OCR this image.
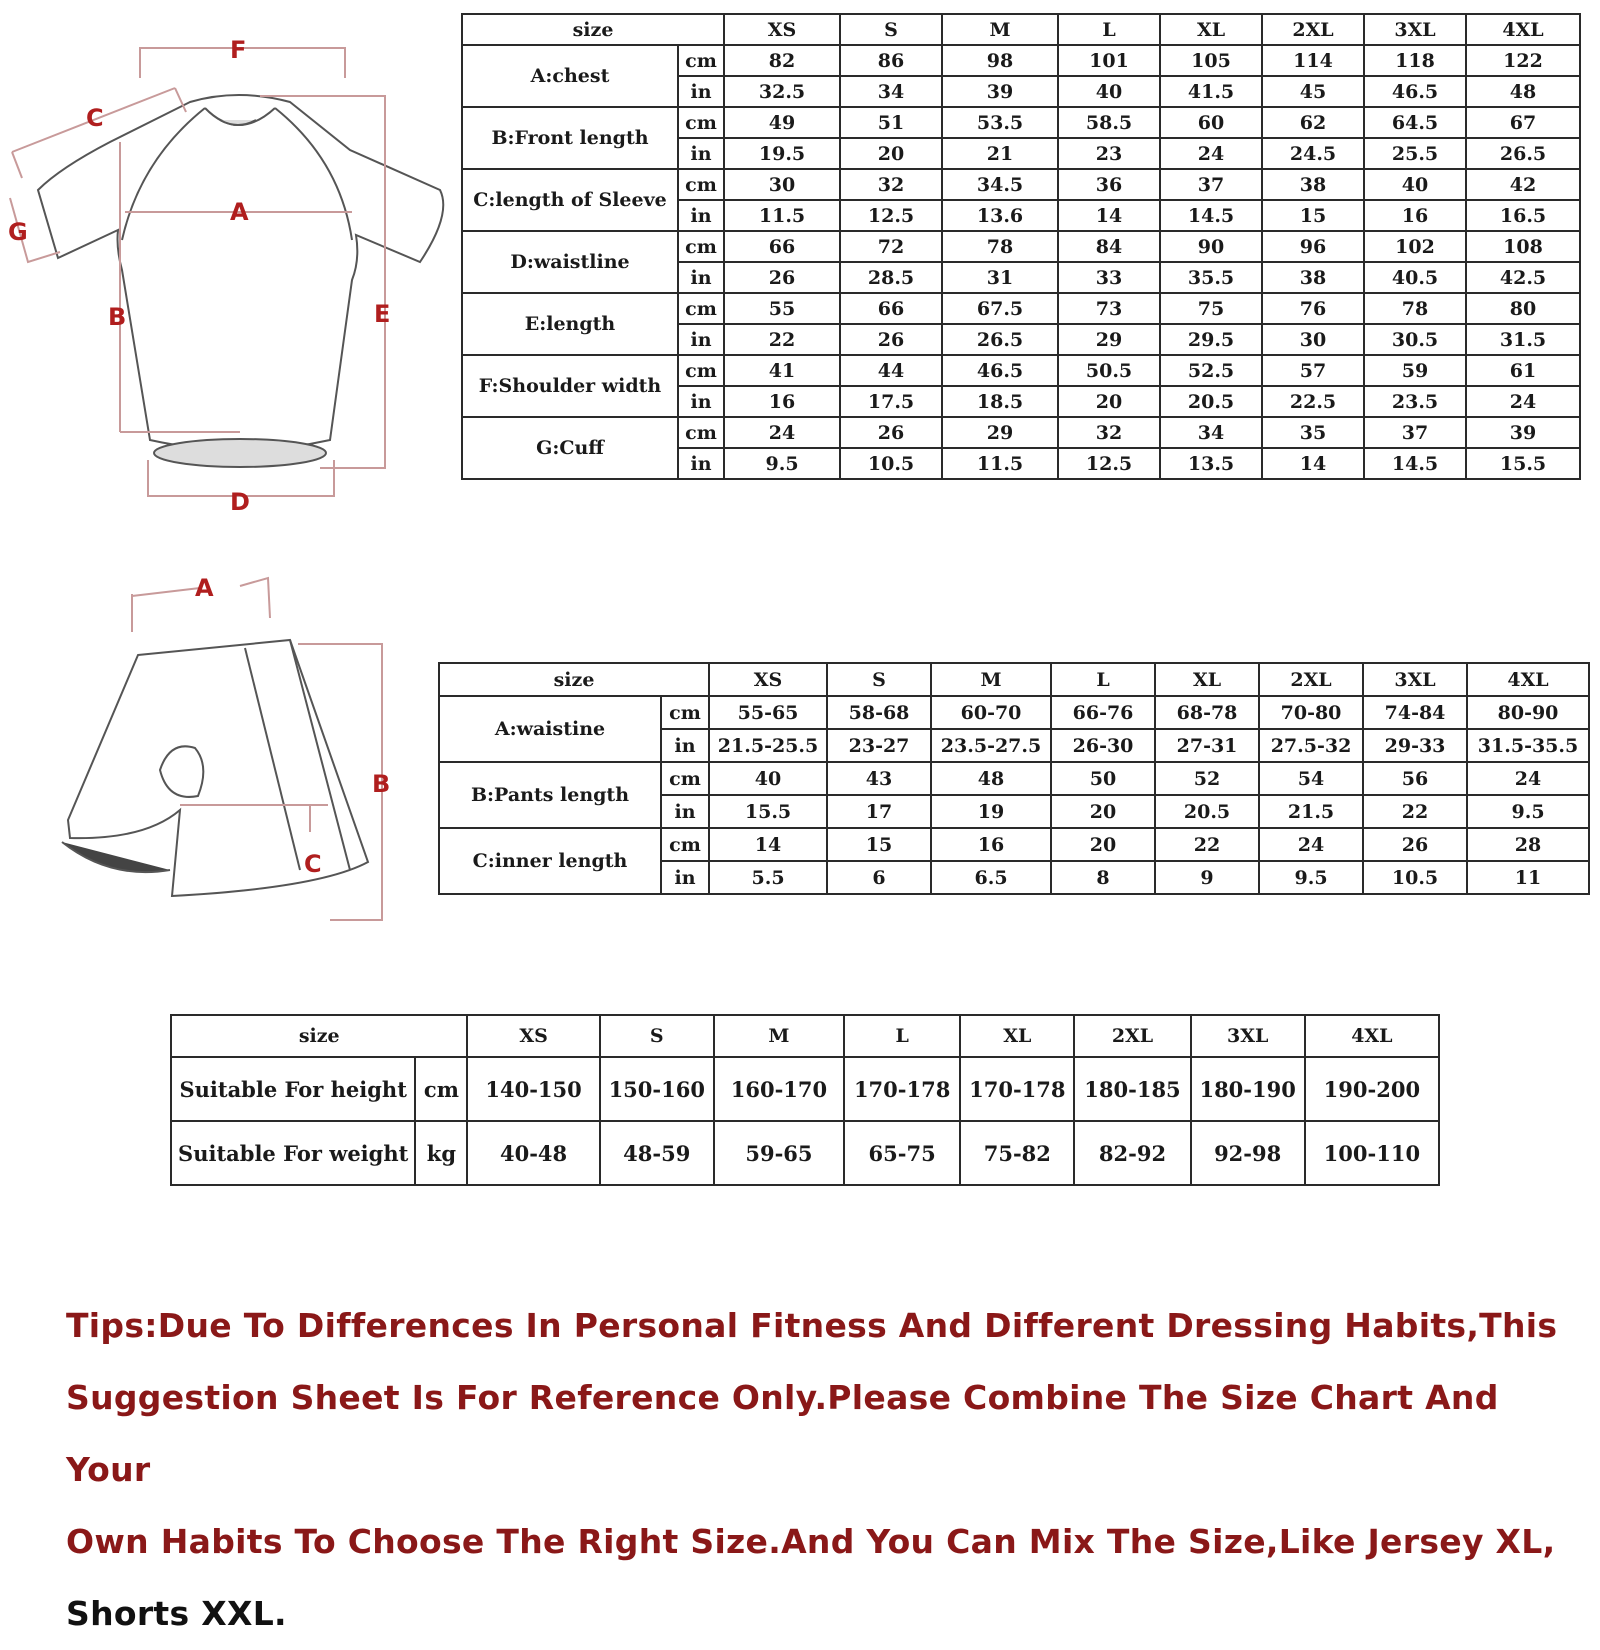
F
C
G
A
B	E
D
size		XS	S	M	L	XL	2XL	3XL	4XL
A:chest	cm	82	86	98	101	105	114	118	122
	in	32.5	34	39	40	41.5	45	46.5	48
B:Front length	cm	49	51	53.5	58.5	60	62	64.5	67
	in	19.5	20	21	23	24	24.5	25.5	26.5
C:length of Sleeve	cm	30	32	34.5	36	37	38	40	42
	in	11.5	12.5	13.6	14	14.5	15	16	16.5
D:waistline	cm	66	72	78	84	90	96	102	108
	in	26	28.5	31	33	35.5	38	40.5	42.5
E:length	cm	55	66	67.5	73	75	76	78	80
	in	22	26	26.5	29	29.5	30	30.5	31.5
F:Shoulder width	cm	41	44	46.5	50.5	52.5	57	59	61
	in	16	17.5	18.5	20	20.5	22.5	23.5	24
G:Cuff	cm	24	26	29	32	34	35	37	39
	in	9.5	10.5	11.5	12.5	13.5	14	14.5	15.5
A
B
C
size		XS	S	M	L	XL	2XL	3XL	4XL
A:waistine	cm	55-65	58-68	60-70	66-76	68-78	70-80	74-84	80-90
	in	21.5-25.5	23-27	23.5-27.5	26-30	27-31	27.5-32	29-33	31.5-35.5
B:Pants length	cm	40	43	48	50	52	54	56	24
	in	15.5	17	19	20	20.5	21.5	22	9.5
C:inner length	cm	14	15	16	20	22	24	26	28
	in	5.5	6	6.5	8	9	9.5	10.5	11
size		XS	S	M	L	XL	2XL	3XL	4XL
Suitable For height	cm	140-150	150-160	160-170	170-178	170-178	180-185	180-190	190-200
Suitable For weight	kg	40-48	48-59	59-65	65-75	75-82	82-92	92-98	100-110
Tips:Due To Differences In Personal Fitness And Different Dressing Habits,This
Suggestion Sheet Is For Reference Only.Please Combine The Size Chart And Your
Own Habits To Choose The Right Size.And You Can Mix The Size,Like Jersey XL,
Shorts XXL.
